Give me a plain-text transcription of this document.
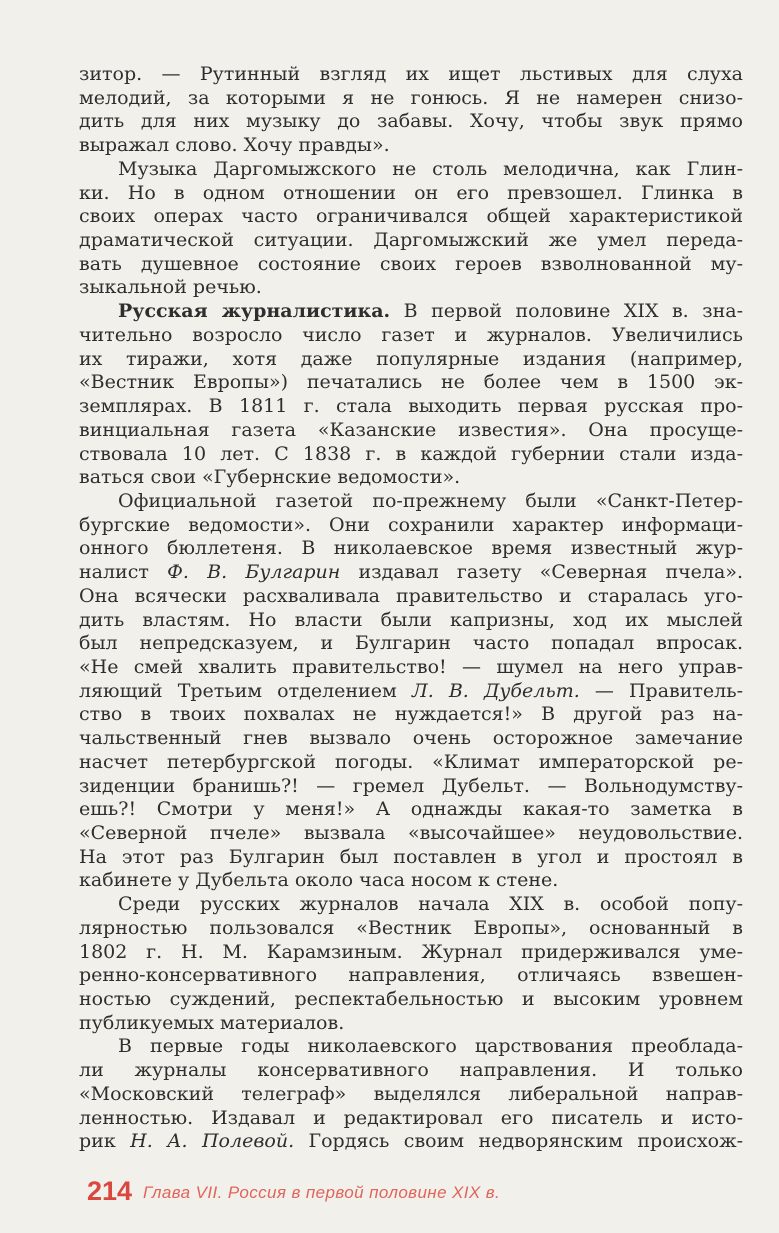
зитор. — Рутинный взгляд их ищет льстивых для слуха
мелодий, за которыми я не гонюсь. Я не намерен снизо-
дить для них музыку до забавы. Хочу, чтобы звук прямо
выражал слово. Хочу правды».
Музыка Даргомыжского не столь мелодична, как Глин-
ки. Но в одном отношении он его превзошел. Глинка в
своих операх часто ограничивался общей характеристикой
драматической ситуации. Даргомыжский же умел переда-
вать душевное состояние своих героев взволнованной му-
зыкальной речью.
Русская журналистика. В первой половине XIX в. зна-
чительно возросло число газет и журналов. Увеличились
их тиражи, хотя даже популярные издания (например,
«Вестник Европы») печатались не более чем в 1500 эк-
земплярах. В 1811 г. стала выходить первая русская про-
винциальная газета «Казанские известия». Она просуще-
ствовала 10 лет. С 1838 г. в каждой губернии стали изда-
ваться свои «Губернские ведомости».
Официальной газетой по-прежнему были «Санкт-Петер-
бургские ведомости». Они сохранили характер информаци-
онного бюллетеня. В николаевское время известный жур-
налист Ф. В. Булгарин издавал газету «Северная пчела».
Она всячески расхваливала правительство и старалась уго-
дить властям. Но власти были капризны, ход их мыслей
был непредсказуем, и Булгарин часто попадал впросак.
«Не смей хвалить правительство! — шумел на него управ-
ляющий Третьим отделением Л. В. Дубельт. — Правитель-
ство в твоих похвалах не нуждается!» В другой раз на-
чальственный гнев вызвало очень осторожное замечание
насчет петербургской погоды. «Климат императорской ре-
зиденции бранишь?! — гремел Дубельт. — Вольнодумству-
ешь?! Смотри у меня!» А однажды какая-то заметка в
«Северной пчеле» вызвала «высочайшее» неудовольствие.
На этот раз Булгарин был поставлен в угол и простоял в
кабинете у Дубельта около часа носом к стене.
Среди русских журналов начала XIX в. особой попу-
лярностью пользовался «Вестник Европы», основанный в
1802 г. Н. М. Карамзиным. Журнал придерживался уме-
ренно-консервативного направления, отличаясь взвешен-
ностью суждений, респектабельностью и высоким уровнем
публикуемых материалов.
В первые годы николаевского царствования преоблада-
ли журналы консервативного направления. И только
«Московский телеграф» выделялся либеральной направ-
ленностью. Издавал и редактировал его писатель и исто-
рик Н. А. Полевой. Гордясь своим недворянским происхож-
214 Глава VII. Россия в первой половине XIX в.
